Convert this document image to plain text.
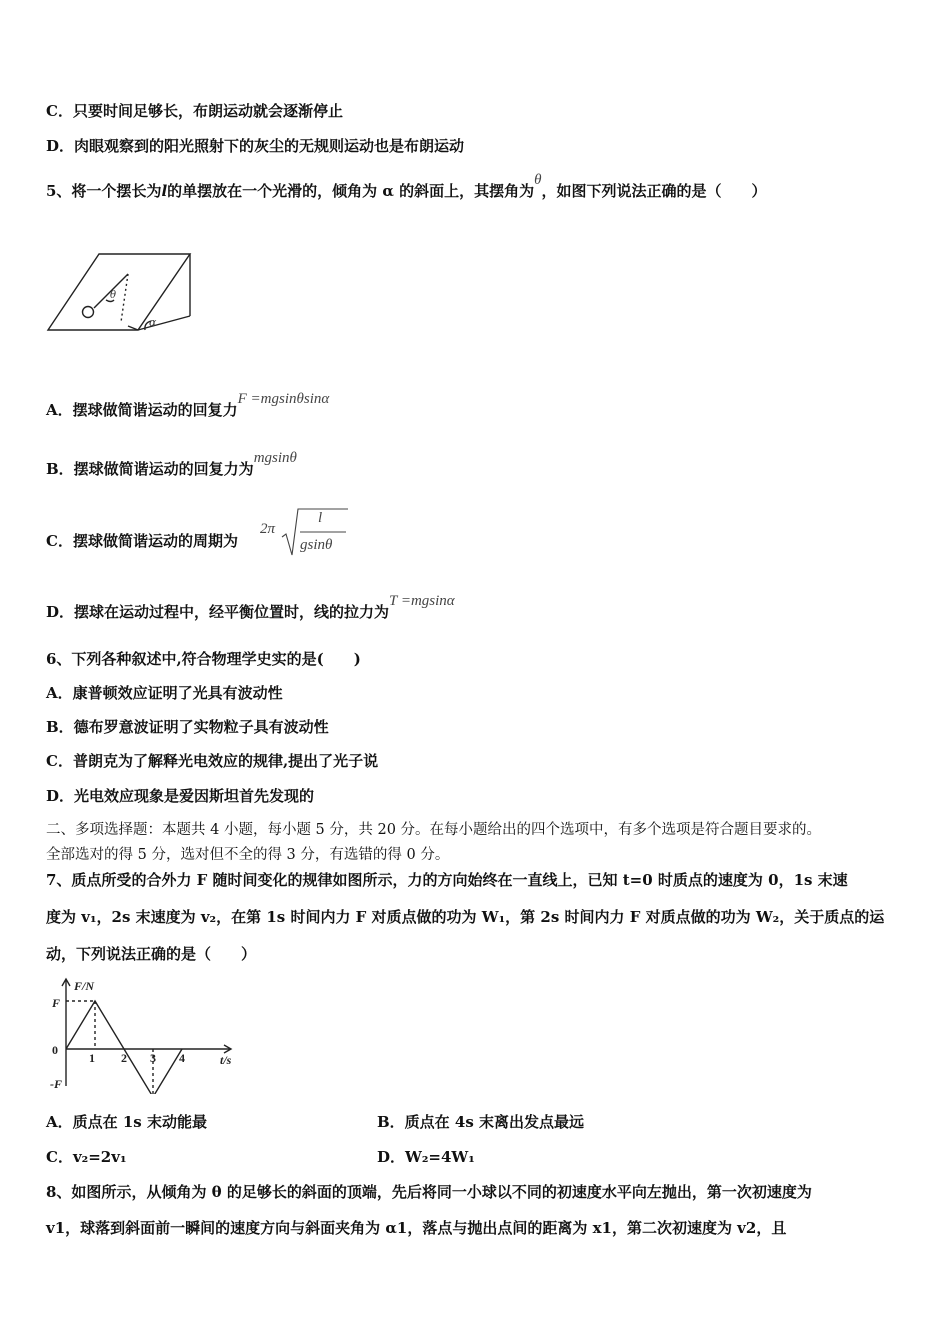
C．只要时间足够长，布朗运动就会逐渐停止
D．肉眼观察到的阳光照射下的灰尘的无规则运动也是布朗运动
5、将一个摆长为l的单摆放在一个光滑的，倾角为 α 的斜面上，其摆角为θ，如图下列说法正确的是（　　）
θ
α
A．摆球做简谐运动的回复力F =mgsinθsinα
B．摆球做简谐运动的回复力为mgsinθ
C．摆球做简谐运动的周期为
2π
l
gsinθ
D．摆球在运动过程中，经平衡位置时，线的拉力为T =mgsinα
6、下列各种叙述中,符合物理学史实的是(　　)
A．康普顿效应证明了光具有波动性
B．德布罗意波证明了实物粒子具有波动性
C．普朗克为了解释光电效应的规律,提出了光子说
D．光电效应现象是爱因斯坦首先发现的
二、多项选择题：本题共 4 小题，每小题 5 分，共 20 分。在每小题给出的四个选项中，有多个选项是符合题目要求的。
全部选对的得 5 分，选对但不全的得 3 分，有选错的得 0 分。
7、质点所受的合外力 F 随时间变化的规律如图所示，力的方向始终在一直线上，已知 t=0 时质点的速度为 0，1s 末速
度为 v₁，2s 末速度为 v₂，在第 1s 时间内力 F 对质点做的功为 W₁，第 2s 时间内力 F 对质点做的功为 W₂，关于质点的运
动，下列说法正确的是（　　）
F/N
t/s
F
-F
0
1 2 3 4
A．质点在 1s 末动能最	B．质点在 4s 末离出发点最远
C．v₂=2v₁	D．W₂=4W₁
8、如图所示，从倾角为 θ 的足够长的斜面的顶端，先后将同一小球以不同的初速度水平向左抛出，第一次初速度为
v1，球落到斜面前一瞬间的速度方向与斜面夹角为 α1，落点与抛出点间的距离为 x1，第二次初速度为 v2，且
